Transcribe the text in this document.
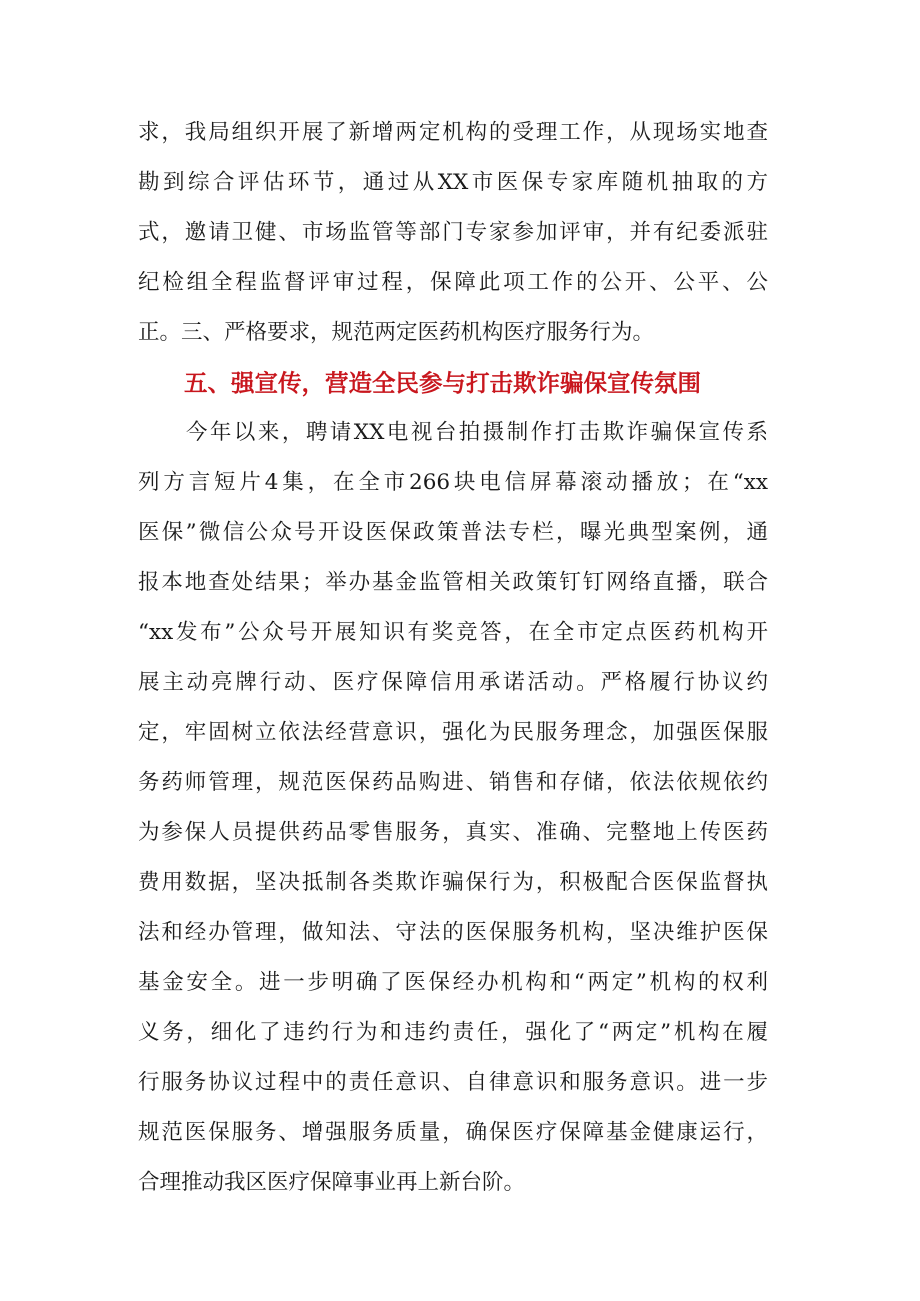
求，我局组织开展了新增两定机构的受理工作，从现场实地查
勘到综合评估环节，通过从XX市医保专家库随机抽取的方
式，邀请卫健、市场监管等部门专家参加评审，并有纪委派驻
纪检组全程监督评审过程，保障此项工作的公开、公平、公
正。三、严格要求，规范两定医药机构医疗服务行为。
五、强宣传，营造全民参与打击欺诈骗保宣传氛围
　　今年以来，聘请XX电视台拍摄制作打击欺诈骗保宣传系
列方言短片4集，在全市266块电信屏幕滚动播放；在“xx
医保”微信公众号开设医保政策普法专栏，曝光典型案例，通
报本地查处结果；举办基金监管相关政策钉钉网络直播，联合
“xx发布”公众号开展知识有奖竞答，在全市定点医药机构开
展主动亮牌行动、医疗保障信用承诺活动。严格履行协议约
定，牢固树立依法经营意识，强化为民服务理念，加强医保服
务药师管理，规范医保药品购进、销售和存储，依法依规依约
为参保人员提供药品零售服务，真实、准确、完整地上传医药
费用数据，坚决抵制各类欺诈骗保行为，积极配合医保监督执
法和经办管理，做知法、守法的医保服务机构，坚决维护医保
基金安全。进一步明确了医保经办机构和“两定”机构的权利
义务，细化了违约行为和违约责任，强化了“两定”机构在履
行服务协议过程中的责任意识、自律意识和服务意识。进一步
规范医保服务、增强服务质量，确保医疗保障基金健康运行，
合理推动我区医疗保障事业再上新台阶。
